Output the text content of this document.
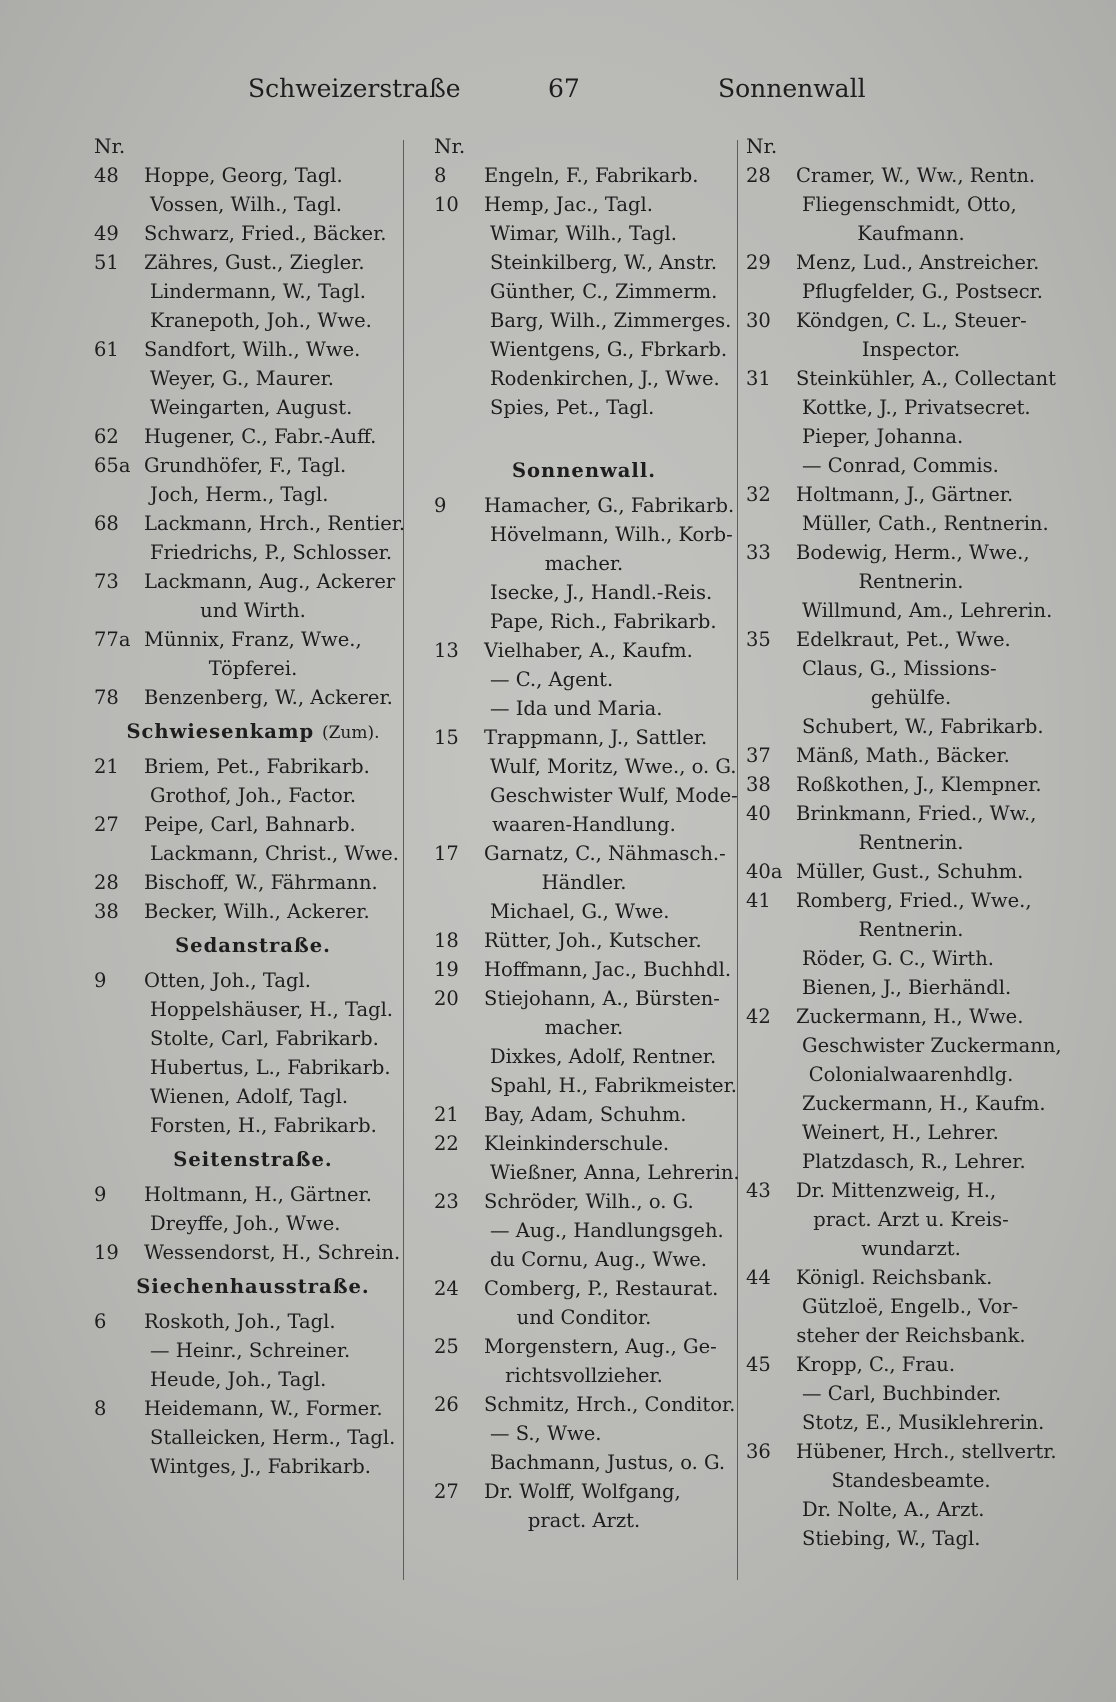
Schweizerstraße	67	Sonnenwall
Nr.
48	Hoppe, Georg, Tagl.
Vossen, Wilh., Tagl.
49	Schwarz, Fried., Bäcker.
51	Zähres, Gust., Ziegler.
Lindermann, W., Tagl.
Kranepoth, Joh., Wwe.
61	Sandfort, Wilh., Wwe.
Weyer, G., Maurer.
Weingarten, August.
62	Hugener, C., Fabr.-Auff.
65a Grundhöfer, F., Tagl.
Joch, Herm., Tagl.
68	Lackmann, Hrch., Rentier.
Friedrichs, P., Schlosser.
73	Lackmann, Aug., Ackerer
und Wirth.
77a Münnix, Franz, Wwe.,
Töpferei.
78	Benzenberg, W., Ackerer.
Schwiesenkamp (Zum).
21	Briem, Pet., Fabrikarb.
Grothof, Joh., Factor.
27	Peipe, Carl, Bahnarb.
Lackmann, Christ., Wwe.
28	Bischoff, W., Fährmann.
38	Becker, Wilh., Ackerer.
Sedanstraße.
9	Otten, Joh., Tagl.
Hoppelshäuser, H., Tagl.
Stolte, Carl, Fabrikarb.
Hubertus, L., Fabrikarb.
Wienen, Adolf, Tagl.
Forsten, H., Fabrikarb.
Seitenstraße.
9	Holtmann, H., Gärtner.
Dreyffe, Joh., Wwe.
19	Wessendorst, H., Schrein.
Siechenhausstraße.
6	Roskoth, Joh., Tagl.
— Heinr., Schreiner.
Heude, Joh., Tagl.
8	Heidemann, W., Former.
Stalleicken, Herm., Tagl.
Wintges, J., Fabrikarb.
Nr.
8	Engeln, F., Fabrikarb.
10	Hemp, Jac., Tagl.
Wimar, Wilh., Tagl.
Steinkilberg, W., Anstr.
Günther, C., Zimmerm.
Barg, Wilh., Zimmerges.
Wientgens, G., Fbrkarb.
Rodenkirchen, J., Wwe.
Spies, Pet., Tagl.
Sonnenwall.
9	Hamacher, G., Fabrikarb.
Hövelmann, Wilh., Korb-
macher.
Isecke, J., Handl.-Reis.
Pape, Rich., Fabrikarb.
13	Vielhaber, A., Kaufm.
— C., Agent.
— Ida und Maria.
15	Trappmann, J., Sattler.
Wulf, Moritz, Wwe., o. G.
Geschwister Wulf, Mode-
waaren-Handlung.
17	Garnatz, C., Nähmasch.-
Händler.
Michael, G., Wwe.
18	Rütter, Joh., Kutscher.
19	Hoffmann, Jac., Buchhdl.
20	Stiejohann, A., Bürsten-
macher.
Dixkes, Adolf, Rentner.
Spahl, H., Fabrikmeister.
21	Bay, Adam, Schuhm.
22	Kleinkinderschule.
Wießner, Anna, Lehrerin.
23	Schröder, Wilh., o. G.
— Aug., Handlungsgeh.
du Cornu, Aug., Wwe.
24	Comberg, P., Restaurat.
und Conditor.
25	Morgenstern, Aug., Ge-
richtsvollzieher.
26	Schmitz, Hrch., Conditor.
— S., Wwe.
Bachmann, Justus, o. G.
27	Dr. Wolff, Wolfgang,
pract. Arzt.
Nr.
28	Cramer, W., Ww., Rentn.
Fliegenschmidt, Otto,
Kaufmann.
29	Menz, Lud., Anstreicher.
Pflugfelder, G., Postsecr.
30	Köndgen, C. L., Steuer-
Inspector.
31	Steinkühler, A., Collectant
Kottke, J., Privatsecret.
Pieper, Johanna.
— Conrad, Commis.
32	Holtmann, J., Gärtner.
Müller, Cath., Rentnerin.
33	Bodewig, Herm., Wwe.,
Rentnerin.
Willmund, Am., Lehrerin.
35	Edelkraut, Pet., Wwe.
Claus, G., Missions-
gehülfe.
Schubert, W., Fabrikarb.
37	Mänß, Math., Bäcker.
38	Roßkothen, J., Klempner.
40	Brinkmann, Fried., Ww.,
Rentnerin.
40a Müller, Gust., Schuhm.
41	Romberg, Fried., Wwe.,
Rentnerin.
Röder, G. C., Wirth.
Bienen, J., Bierhändl.
42	Zuckermann, H., Wwe.
Geschwister Zuckermann,
Colonialwaarenhdlg.
Zuckermann, H., Kaufm.
Weinert, H., Lehrer.
Platzdasch, R., Lehrer.
43	Dr. Mittenzweig, H.,
pract. Arzt u. Kreis-
wundarzt.
44	Königl. Reichsbank.
Gützloë, Engelb., Vor-
steher der Reichsbank.
45	Kropp, C., Frau.
— Carl, Buchbinder.
Stotz, E., Musiklehrerin.
36	Hübener, Hrch., stellvertr.
Standesbeamte.
Dr. Nolte, A., Arzt.
Stiebing, W., Tagl.
